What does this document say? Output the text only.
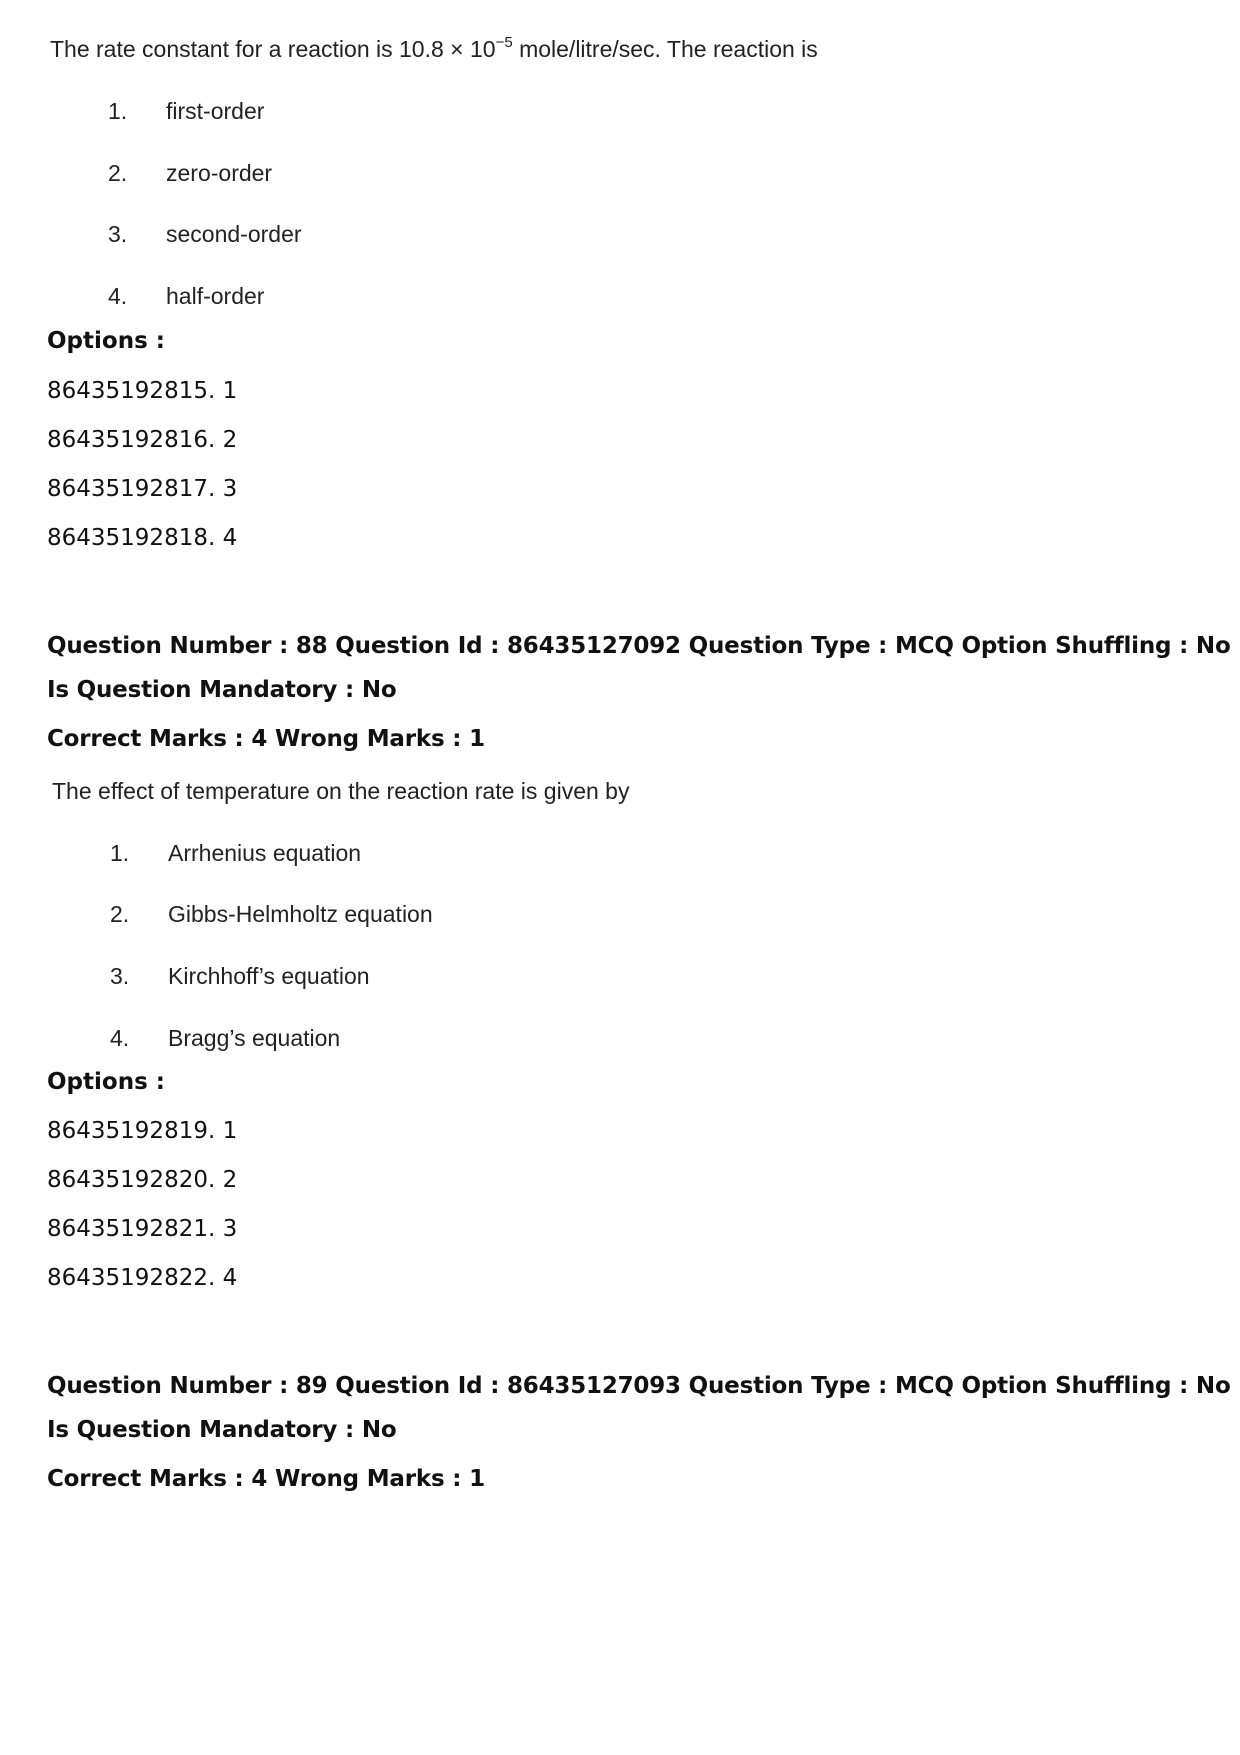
The rate constant for a reaction is $10.8 \times 10^{-5}$ mole/litre/sec. The reaction is
1. first-order
2. zero-order
3. second-order
4. half-order
Options :
86435192815. 1
86435192816. 2
86435192817. 3
86435192818. 4
Question Number : 88 Question Id : 86435127092 Question Type : MCQ Option Shuffling : No
Is Question Mandatory : No
Correct Marks : 4 Wrong Marks : 1
The effect of temperature on the reaction rate is given by
1. Arrhenius equation
2. Gibbs-Helmholtz equation
3. Kirchhoff’s equation
4. Bragg’s equation
Options :
86435192819. 1
86435192820. 2
86435192821. 3
86435192822. 4
Question Number : 89 Question Id : 86435127093 Question Type : MCQ Option Shuffling : No
Is Question Mandatory : No
Correct Marks : 4 Wrong Marks : 1
